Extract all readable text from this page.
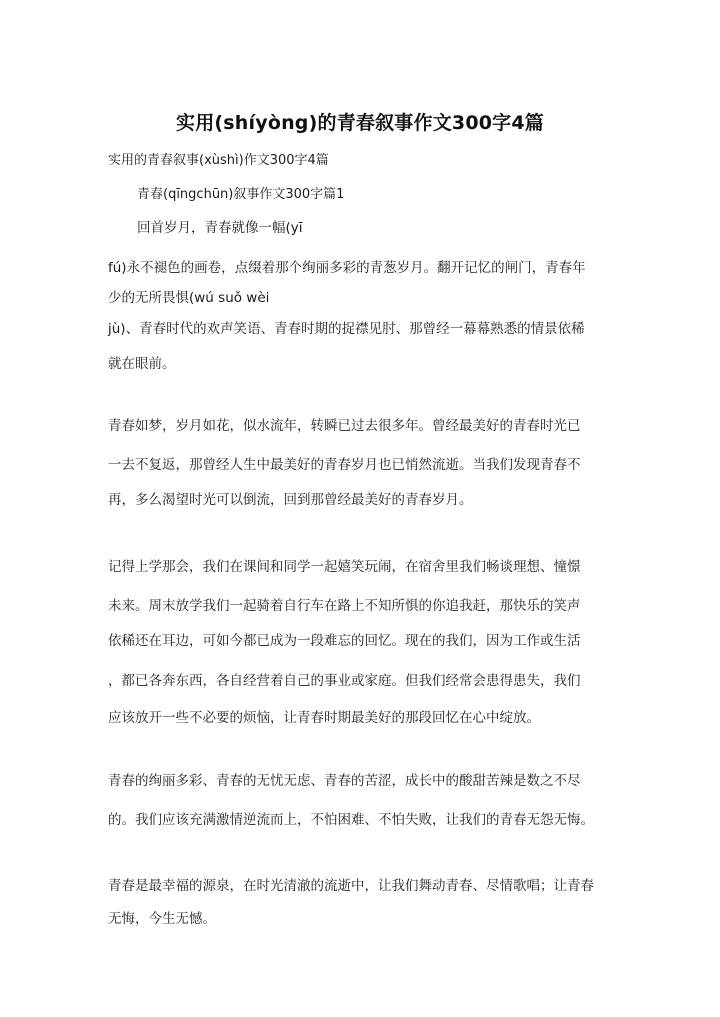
实用(shíyòng)的青春叙事作文300字4篇
实用的青春叙事(xùshì)作文300字4篇
青春(qīngchūn)叙事作文300字篇1
回首岁月，青春就像一幅(yī
fú)永不褪色的画卷，点缀着那个绚丽多彩的青葱岁月。翻开记忆的闸门，青春年
少的无所畏惧(wú suǒ wèi
jù)、青春时代的欢声笑语、青春时期的捉襟见肘、那曾经一幕幕熟悉的情景依稀
就在眼前。
青春如梦，岁月如花，似水流年，转瞬已过去很多年。曾经最美好的青春时光已
一去不复返，那曾经人生中最美好的青春岁月也已悄然流逝。当我们发现青春不
再，多么渴望时光可以倒流，回到那曾经最美好的青春岁月。
记得上学那会，我们在课间和同学一起嬉笑玩闹，在宿舍里我们畅谈理想、憧憬
未来。周末放学我们一起骑着自行车在路上不知所惧的你追我赶，那快乐的笑声
依稀还在耳边，可如今都已成为一段难忘的回忆。现在的我们，因为工作或生活
，都已各奔东西，各自经营着自己的事业或家庭。但我们经常会患得患失，我们
应该放开一些不必要的烦恼，让青春时期最美好的那段回忆在心中绽放。
青春的绚丽多彩、青春的无忧无虑、青春的苦涩，成长中的酸甜苦辣是数之不尽
的。我们应该充满激情逆流而上，不怕困难、不怕失败，让我们的青春无怨无悔。
青春是最幸福的源泉，在时光清澈的流逝中，让我们舞动青春、尽情歌唱；让青春
无悔，今生无憾。
